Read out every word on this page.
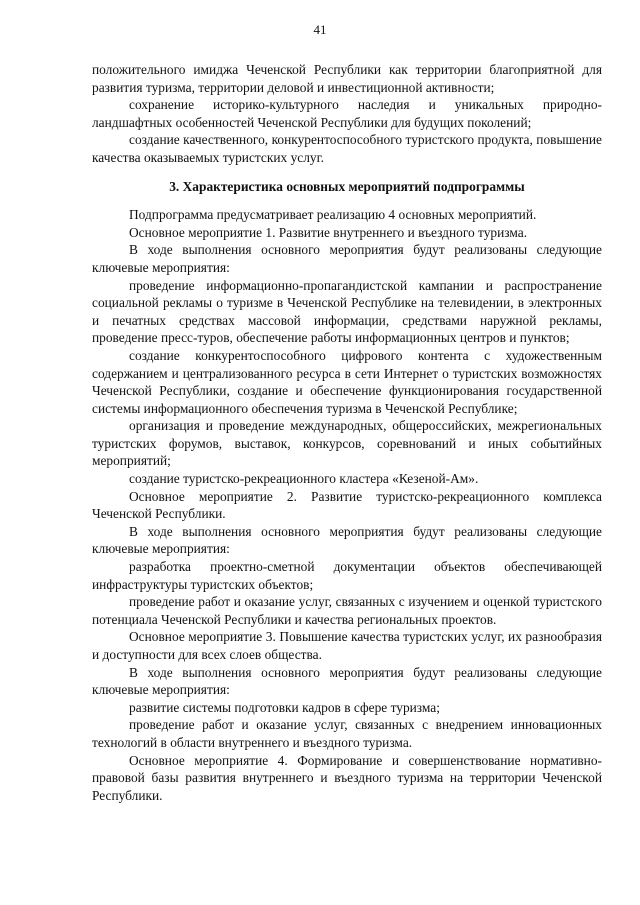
41

положительного имиджа Чеченской Республики как территории благоприятной для развития туризма, территории деловой и инвестиционной активности;

сохранение историко-культурного наследия и уникальных природно-ландшафтных особенностей Чеченской Республики для будущих поколений;

создание качественного, конкурентоспособного туристского продукта, повышение качества оказываемых туристских услуг.

3. Характеристика основных мероприятий подпрограммы

Подпрограмма предусматривает реализацию 4 основных мероприятий.

Основное мероприятие 1. Развитие внутреннего и въездного туризма.

В ходе выполнения основного мероприятия будут реализованы следующие ключевые мероприятия:

проведение информационно-пропагандистской кампании и распространение социальной рекламы о туризме в Чеченской Республике на телевидении, в электронных и печатных средствах массовой информации, средствами наружной рекламы, проведение пресс-туров, обеспечение работы информационных центров и пунктов;

создание конкурентоспособного цифрового контента с художественным содержанием и централизованного ресурса в сети Интернет о туристских возможностях Чеченской Республики, создание и обеспечение функционирования государственной системы информационного обеспечения туризма в Чеченской Республике;

организация и проведение международных, общероссийских, межрегиональных туристских форумов, выставок, конкурсов, соревнований и иных событийных мероприятий;

создание туристско-рекреационного кластера «Кезеной-Ам».

Основное мероприятие 2. Развитие туристско-рекреационного комплекса Чеченской Республики.

В ходе выполнения основного мероприятия будут реализованы следующие ключевые мероприятия:

разработка проектно-сметной документации объектов обеспечивающей инфраструктуры туристских объектов;

проведение работ и оказание услуг, связанных с изучением и оценкой туристского потенциала Чеченской Республики и качества региональных проектов.

Основное мероприятие 3. Повышение качества туристских услуг, их разнообразия и доступности для всех слоев общества.

В ходе выполнения основного мероприятия будут реализованы следующие ключевые мероприятия:

развитие системы подготовки кадров в сфере туризма;

проведение работ и оказание услуг, связанных с внедрением инновационных технологий в области внутреннего и въездного туризма.

Основное мероприятие 4. Формирование и совершенствование нормативно-правовой базы развития внутреннего и въездного туризма на территории Чеченской Республики.
